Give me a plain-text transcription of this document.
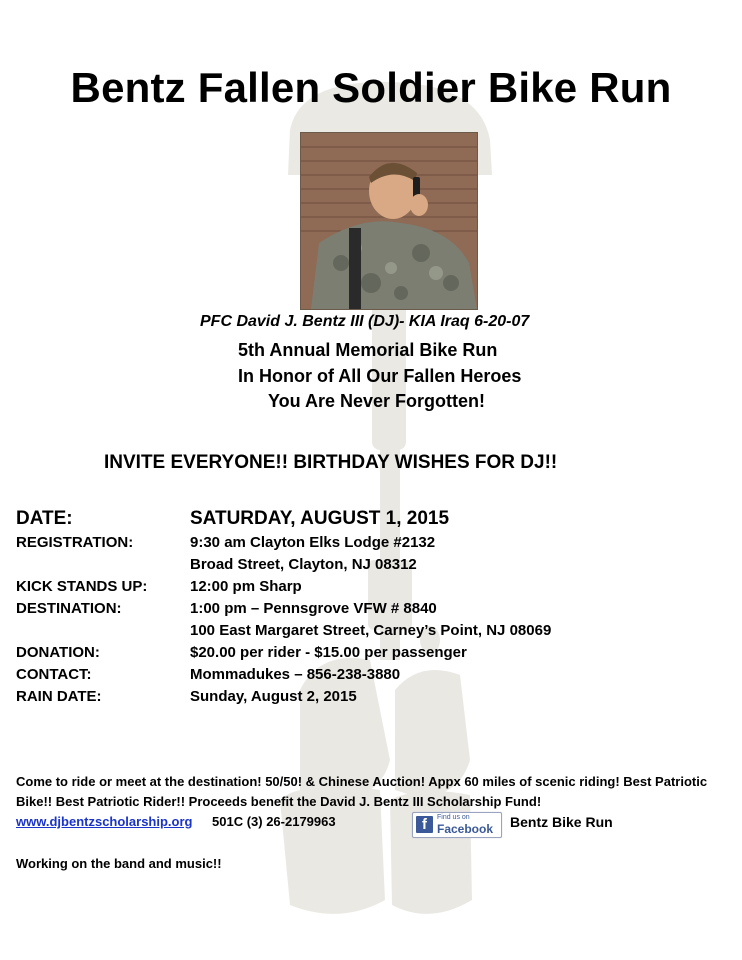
Bentz Fallen Soldier Bike Run
PFC David J. Bentz III (DJ)- KIA Iraq 6-20-07
5th Annual Memorial Bike Run
In Honor of All Our Fallen Heroes
You Are Never Forgotten!
INVITE EVERYONE!! BIRTHDAY WISHES FOR DJ!!
DATE:	SATURDAY, AUGUST 1, 2015
REGISTRATION:	9:30 am Clayton Elks Lodge #2132
Broad Street, Clayton, NJ 08312
KICK STANDS UP:	12:00 pm Sharp
DESTINATION:	1:00 pm – Pennsgrove VFW # 8840
100 East Margaret Street, Carney’s Point, NJ 08069
DONATION:	$20.00 per rider - $15.00 per passenger
CONTACT:	Mommadukes – 856-238-3880
RAIN DATE:	Sunday, August 2, 2015
Come to ride or meet at the destination! 50/50! & Chinese Auction! Appx 60 miles of scenic riding! Best Patriotic Bike!! Best Patriotic Rider!! Proceeds benefit the David J. Bentz III Scholarship Fund!
www.djbentzscholarship.org 501C (3) 26-2179963	f	Find us on
Facebook Bentz Bike Run
Working on the band and music!!
